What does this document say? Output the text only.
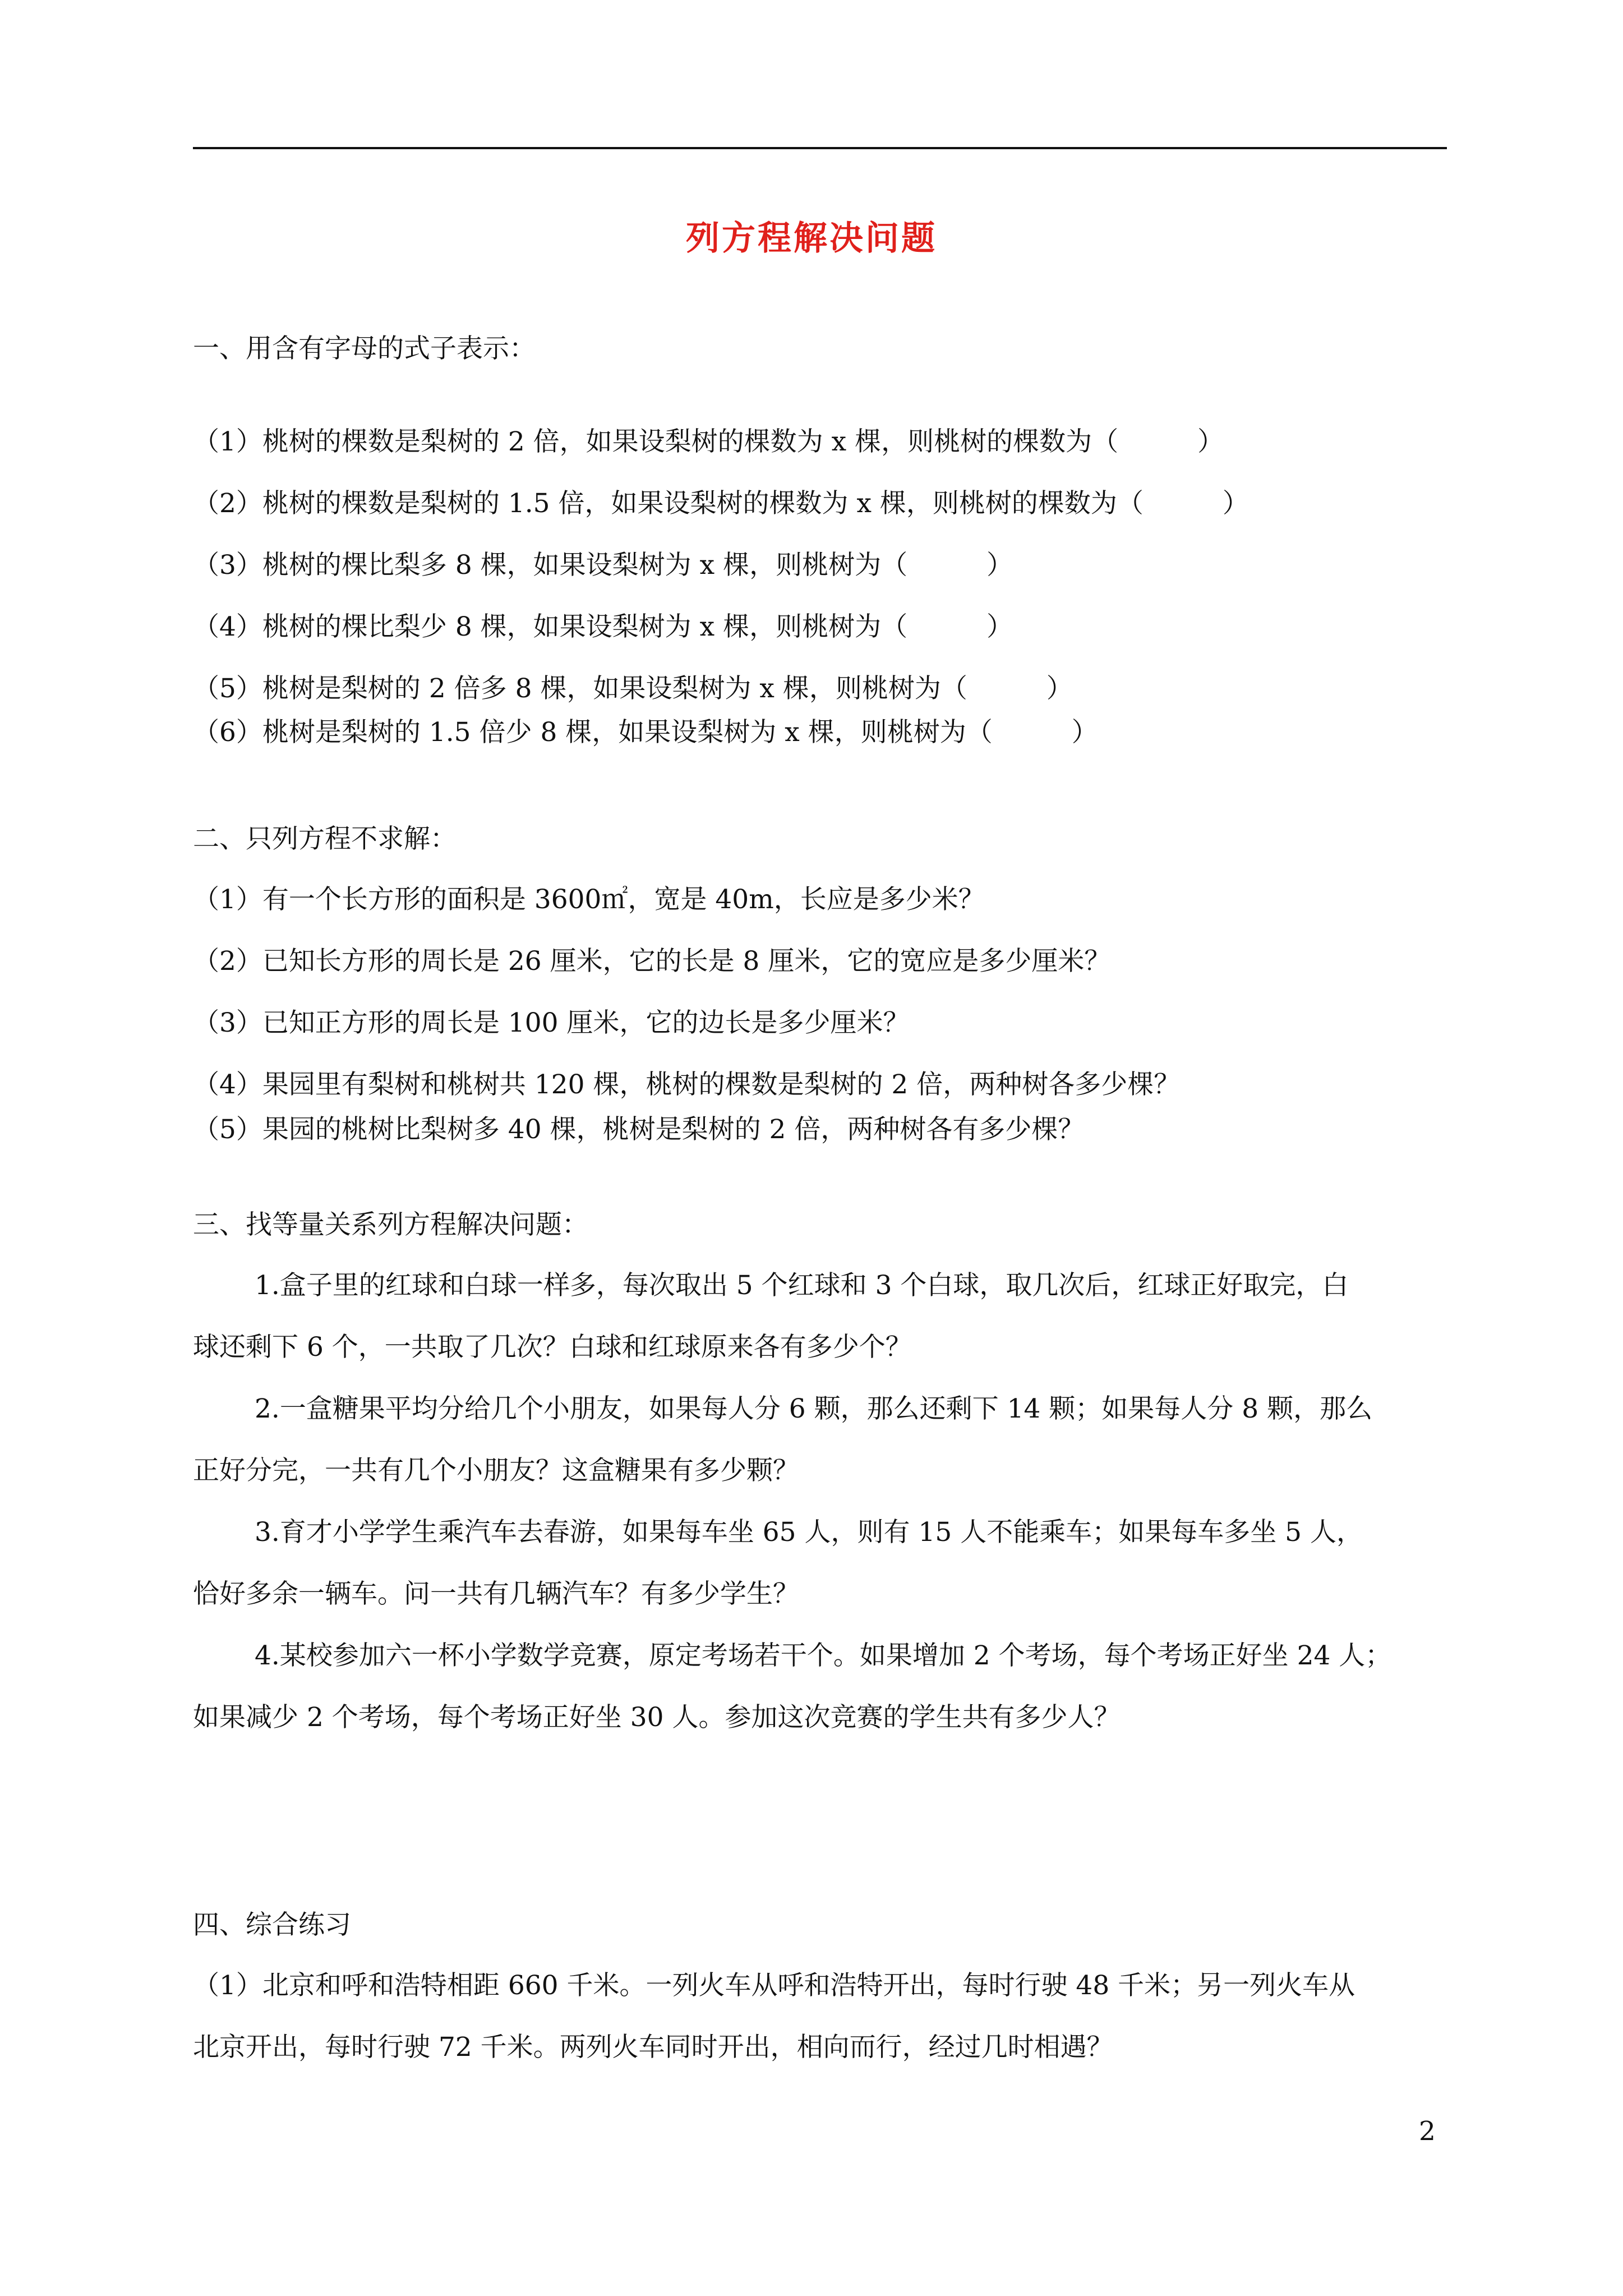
列方程解决问题
一、用含有字母的式子表示：
（1）桃树的棵数是梨树的 2 倍，如果设梨树的棵数为 x 棵，则桃树的棵数为（　　　）
（2）桃树的棵数是梨树的 1.5 倍，如果设梨树的棵数为 x 棵，则桃树的棵数为（　　　）
（3）桃树的棵比梨多 8 棵，如果设梨树为 x 棵，则桃树为（　　　）
（4）桃树的棵比梨少 8 棵，如果设梨树为 x 棵，则桃树为（　　　）
（5）桃树是梨树的 2 倍多 8 棵，如果设梨树为 x 棵，则桃树为（　　　）
（6）桃树是梨树的 1.5 倍少 8 棵，如果设梨树为 x 棵，则桃树为（　　　）
二、只列方程不求解：
（1）有一个长方形的面积是 3600㎡，宽是 40m，长应是多少米？
（2）已知长方形的周长是 26 厘米，它的长是 8 厘米，它的宽应是多少厘米？
（3）已知正方形的周长是 100 厘米，它的边长是多少厘米？
（4）果园里有梨树和桃树共 120 棵，桃树的棵数是梨树的 2 倍，两种树各多少棵？
（5）果园的桃树比梨树多 40 棵，桃树是梨树的 2 倍，两种树各有多少棵？
三、找等量关系列方程解决问题：
1.盒子里的红球和白球一样多，每次取出 5 个红球和 3 个白球，取几次后，红球正好取完，白
球还剩下 6 个，一共取了几次？白球和红球原来各有多少个？
2.一盒糖果平均分给几个小朋友，如果每人分 6 颗，那么还剩下 14 颗；如果每人分 8 颗，那么
正好分完，一共有几个小朋友？这盒糖果有多少颗？
3.育才小学学生乘汽车去春游，如果每车坐 65 人，则有 15 人不能乘车；如果每车多坐 5 人，
恰好多余一辆车。问一共有几辆汽车？有多少学生？
4.某校参加六一杯小学数学竞赛，原定考场若干个。如果增加 2 个考场，每个考场正好坐 24 人；
如果减少 2 个考场，每个考场正好坐 30 人。参加这次竞赛的学生共有多少人？
四、综合练习
（1）北京和呼和浩特相距 660 千米。一列火车从呼和浩特开出，每时行驶 48 千米；另一列火车从
北京开出，每时行驶 72 千米。两列火车同时开出，相向而行，经过几时相遇？
2
